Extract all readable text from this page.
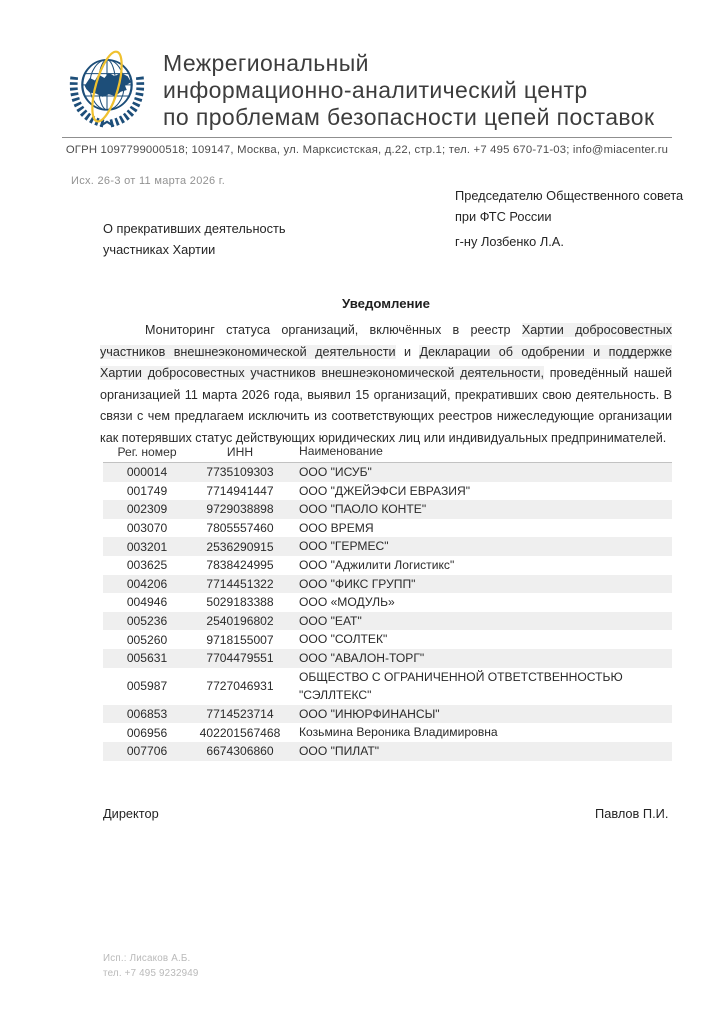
Межрегиональный
информационно-аналитический центр
по проблемам безопасности цепей поставок
ОГРН 1097799000518; 109147, Москва, ул. Марксистская, д.22, стр.1; тел. +7 495 670-71-03; info@miacenter.ru
Исх. 26-3 от 11 марта 2026 г.
Председателю Общественного совета
при ФТС России
г-ну Лозбенко Л.А.
О прекративших деятельность
участниках Хартии
Уведомление
Мониторинг статуса организаций, включённых в реестр Хартии добросовестных участников внешнеэкономической деятельности и Декларации об одобрении и поддержке Хартии добросовестных участников внешнеэкономической деятельности, проведённый нашей организацией 11 марта 2026 года, выявил 15 организаций, прекративших свою деятельность. В связи с чем предлагаем исключить из соответствующих реестров нижеследующие организации как потерявших статус действующих юридических лиц или индивидуальных предпринимателей.
Рег. номер	ИНН	Наименование
000014	7735109303	ООО "ИСУБ"
001749	7714941447	ООО "ДЖЕЙЭФСИ ЕВРАЗИЯ"
002309	9729038898	ООО "ПАОЛО КОНТЕ"
003070	7805557460	ООО ВРЕМЯ
003201	2536290915	ООО "ГЕРМЕС"
003625	7838424995	ООО "Аджилити Логистикс"
004206	7714451322	ООО "ФИКС ГРУПП"
004946	5029183388	ООО «МОДУЛЬ»
005236	2540196802	ООО "ЕАТ"
005260	9718155007	ООО "СОЛТЕК"
005631	7704479551	ООО "АВАЛОН-ТОРГ"
005987	7727046931
ОБЩЕСТВО С ОГРАНИЧЕННОЙ ОТВЕТСТВЕННОСТЬЮ "СЭЛЛТЕКС"
006853	7714523714	ООО "ИНЮРФИНАНСЫ"
006956	402201567468	Козьмина Вероника Владимировна
007706	6674306860	ООО "ПИЛАТ"
Директор	Павлов П.И.
Исп.: Лисаков А.Б.
тел. +7 495 9232949
